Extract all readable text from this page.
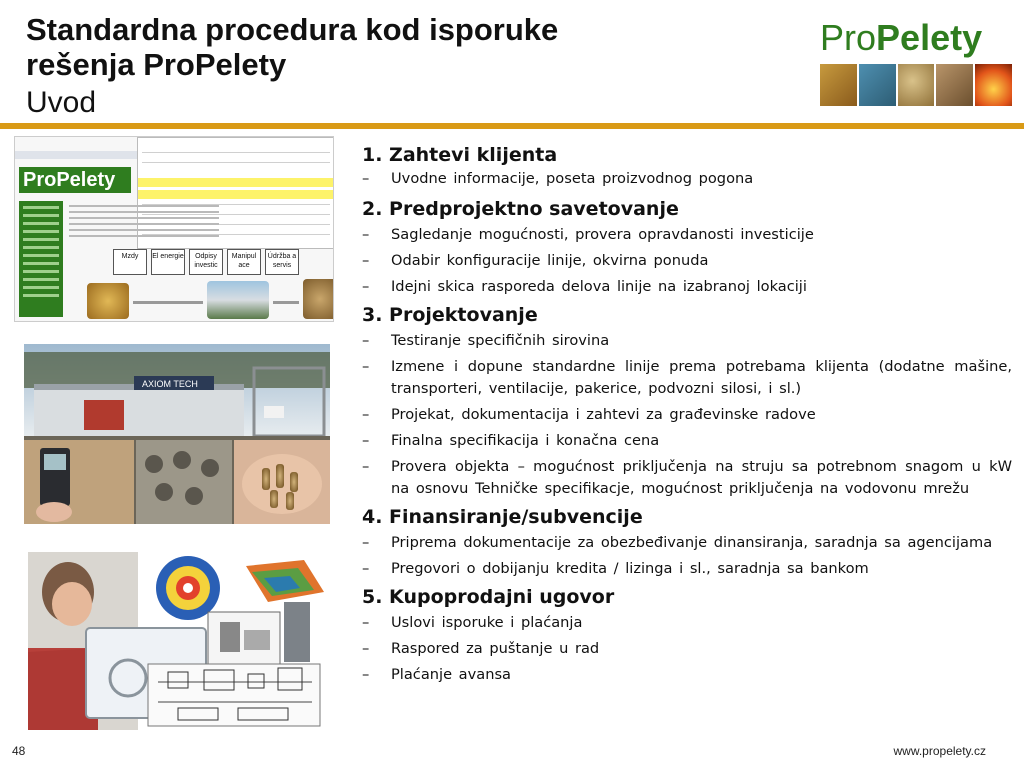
Standardna procedura kod isporuke rešenja ProPelety
Uvod
ProPelety
ProPelety
Mzdy	El energie	Odpisy investic
Manipul ace
Údržba a servis
AXIOM TECH
1. Zahtevi klijenta
– Uvodne informacije, poseta proizvodnog pogona
2. Predprojektno savetovanje
– Sagledanje mogućnosti, provera opravdanosti investicije
– Odabir konfiguracije linije, okvirna ponuda
– Idejni skica rasporeda delova linije na izabranoj lokaciji
3. Projektovanje
– Testiranje specifičnih sirovina
– Izmene i dopune standardne linije prema potrebama klijenta (dodatne mašine, transporteri, ventilacije, pakerice, podvozni silosi, i sl.)
– Projekat, dokumentacija i zahtevi za građevinske radove
– Finalna specifikacija i konačna cena
– Provera objekta – mogućnost priključenja na struju sa potrebnom snagom u kW na osnovu Tehničke specifikacje, mogućnost priključenja na vodovonu mrežu
4. Finansiranje/subvencije
– Priprema dokumentacije za obezbeđivanje dinansiranja, saradnja sa agencijama
– Pregovori o dobijanju kredita / lizinga i sl., saradnja sa bankom
5. Kupoprodajni ugovor
– Uslovi isporuke i plaćanja
– Raspored za puštanje u rad
– Plaćanje avansa
48	www.propelety.cz
